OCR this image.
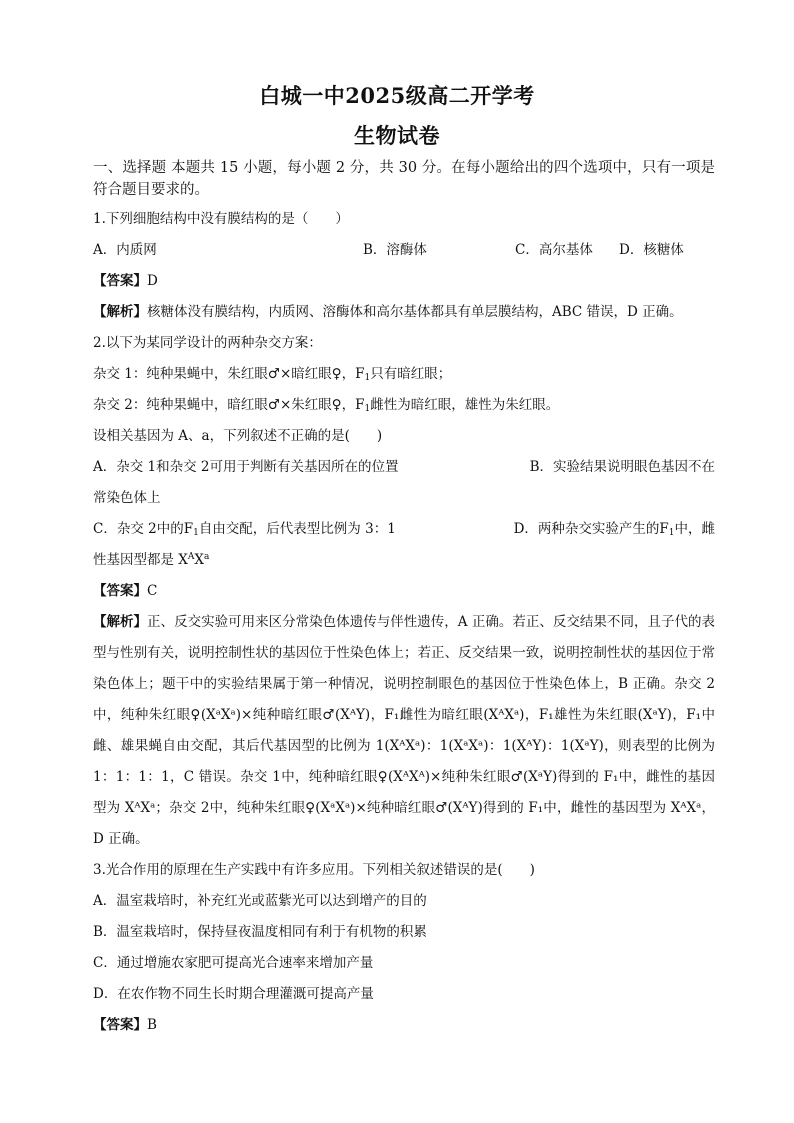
白城一中2025级高二开学考
生物试卷

一、选择题 本题共 15 小题，每小题 2 分，共 30 分。在每小题给出的四个选项中，只有一项是符合题目要求的。

1.下列细胞结构中没有膜结构的是（　　）

A．内质网	B．溶酶体	C．高尔基体	D．核糖体

【答案】D

【解析】核糖体没有膜结构，内质网、溶酶体和高尔基体都具有单层膜结构，ABC 错误，D 正确。

2.以下为某同学设计的两种杂交方案：

杂交 1：纯种果蝇中，朱红眼♂×暗红眼♀，$F_1$只有暗红眼；

杂交 2：纯种果蝇中，暗红眼♂×朱红眼♀，$F_1$雌性为暗红眼，雄性为朱红眼。

设相关基因为 A、a，下列叙述不正确的是(　　)

A．杂交 1和杂交 2可用于判断有关基因所在的位置	B．实验结果说明眼色基因不在

常染色体上

C．杂交 2中的$F_1$自由交配，后代表型比例为 3：1	D．两种杂交实验产生的$F_1$中，雌

性基因型都是 $X^AX^a$

【答案】C

【解析】正、反交实验可用来区分常染色体遗传与伴性遗传，A 正确。若正、反交结果不同，且子代的表型与性别有关，说明控制性状的基因位于性染色体上；若正、反交结果一致，说明控制性状的基因位于常染色体上；题干中的实验结果属于第一种情况，说明控制眼色的基因位于性染色体上，B 正确。杂交 2中，纯种朱红眼♀(XᵃXᵃ)×纯种暗红眼♂(XᴬY)，F₁雌性为暗红眼(XᴬXᵃ)，F₁雄性为朱红眼(XᵃY)，F₁中雌、雄果蝇自由交配，其后代基因型的比例为 1(XᴬXᵃ)：1(XᵃXᵃ)：1(XᴬY)：1(XᵃY)，则表型的比例为 1：1：1：1，C 错误。杂交 1中，纯种暗红眼♀(XᴬXᴬ)×纯种朱红眼♂(XᵃY)得到的 F₁中，雌性的基因型为 XᴬXᵃ；杂交 2中，纯种朱红眼♀(XᵃXᵃ)×纯种暗红眼♂(XᴬY)得到的 F₁中，雌性的基因型为 XᴬXᵃ，D 正确。

3.光合作用的原理在生产实践中有许多应用。下列相关叙述错误的是(　　)

A．温室栽培时，补充红光或蓝紫光可以达到增产的目的

B．温室栽培时，保持昼夜温度相同有利于有机物的积累

C．通过增施农家肥可提高光合速率来增加产量

D．在农作物不同生长时期合理灌溉可提高产量

【答案】B
